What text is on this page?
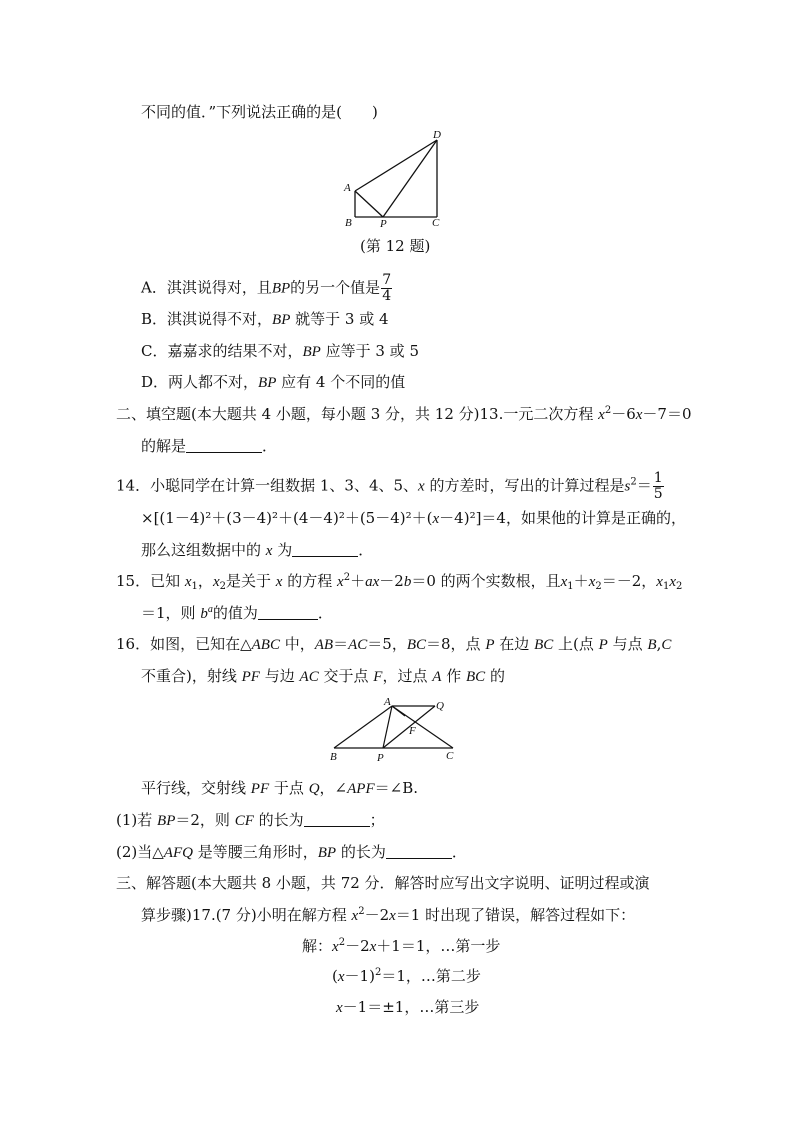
不同的值．”下列说法正确的是(　　)
A
B	P	C
D
(第 12 题)
A．淇淇说得对，且BP的另一个值是 $\frac{7}{4}$
B．淇淇说得不对，BP 就等于 3 或 4
C．嘉嘉求的结果不对，BP 应等于 3 或 5
D．两人都不对，BP 应有 4 个不同的值
二、填空题(本大题共 4 小题，每小题 3 分，共 12 分)13.一元二次方程 $x^2-6x-7=0$
的解是	．
14．小聪同学在计算一组数据 1、3、4、5、x 的方差时，写出的计算过程是$s^2= \frac{1}{5}$
×[(1－4)²＋(3－4)²＋(4－4)²＋(5－4)²＋(x－4)²]＝4，如果他的计算是正确的，
那么这组数据中的 x 为	．
15．已知 $x_1$，$x_2$是关于 x 的方程 $x^2+ax-2b=0$ 的两个实数根，且$x_1+x_2=-2$，$x_1x_2$
＝1，则 $b^a$的值为	．
16．如图，已知在△ABC 中，AB＝AC＝5，BC＝8，点 P 在边 BC 上(点 P 与点 B,C
不重合)，射线 PF 与边 AC 交于点 F，过点 A 作 BC 的
A
B	P	C
F
Q
平行线，交射线 PF 于点 Q，∠APF＝∠B.
(1)若 BP＝2，则 CF 的长为	；
(2)当△AFQ 是等腰三角形时，BP 的长为	．
三、解答题(本大题共 8 小题，共 72 分．解答时应写出文字说明、证明过程或演
算步骤)17.(7 分)小明在解方程 $x^2-2x=1$ 时出现了错误，解答过程如下：
解：$x^2-2x+1=1$，…第一步
$(x-1)^2=1$，…第二步
x－1＝±1，…第三步
